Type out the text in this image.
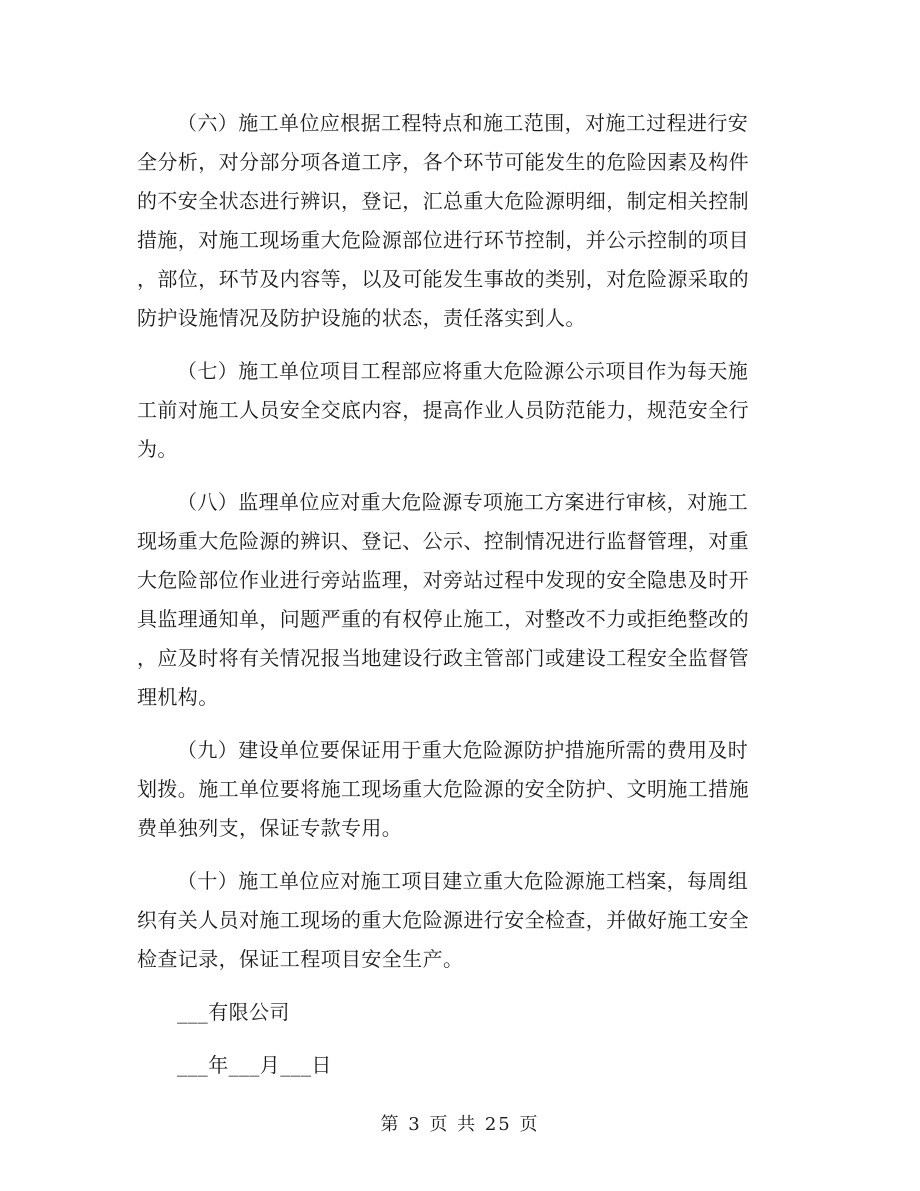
（六）施工单位应根据工程特点和施工范围，对施工过程进行安
全分析，对分部分项各道工序，各个环节可能发生的危险因素及构件
的不安全状态进行辨识，登记，汇总重大危险源明细，制定相关控制
措施，对施工现场重大危险源部位进行环节控制，并公示控制的项目
，部位，环节及内容等，以及可能发生事故的类别，对危险源采取的
防护设施情况及防护设施的状态，责任落实到人。

（七）施工单位项目工程部应将重大危险源公示项目作为每天施
工前对施工人员安全交底内容，提高作业人员防范能力，规范安全行
为。

（八）监理单位应对重大危险源专项施工方案进行审核，对施工
现场重大危险源的辨识、登记、公示、控制情况进行监督管理，对重
大危险部位作业进行旁站监理，对旁站过程中发现的安全隐患及时开
具监理通知单，问题严重的有权停止施工，对整改不力或拒绝整改的
，应及时将有关情况报当地建设行政主管部门或建设工程安全监督管
理机构。

（九）建设单位要保证用于重大危险源防护措施所需的费用及时
划拨。施工单位要将施工现场重大危险源的安全防护、文明施工措施
费单独列支，保证专款专用。

（十）施工单位应对施工项目建立重大危险源施工档案，每周组
织有关人员对施工现场的重大危险源进行安全检查，并做好施工安全
检查记录，保证工程项目安全生产。

___有限公司

___年___月___日

第 3 页 共 25 页
